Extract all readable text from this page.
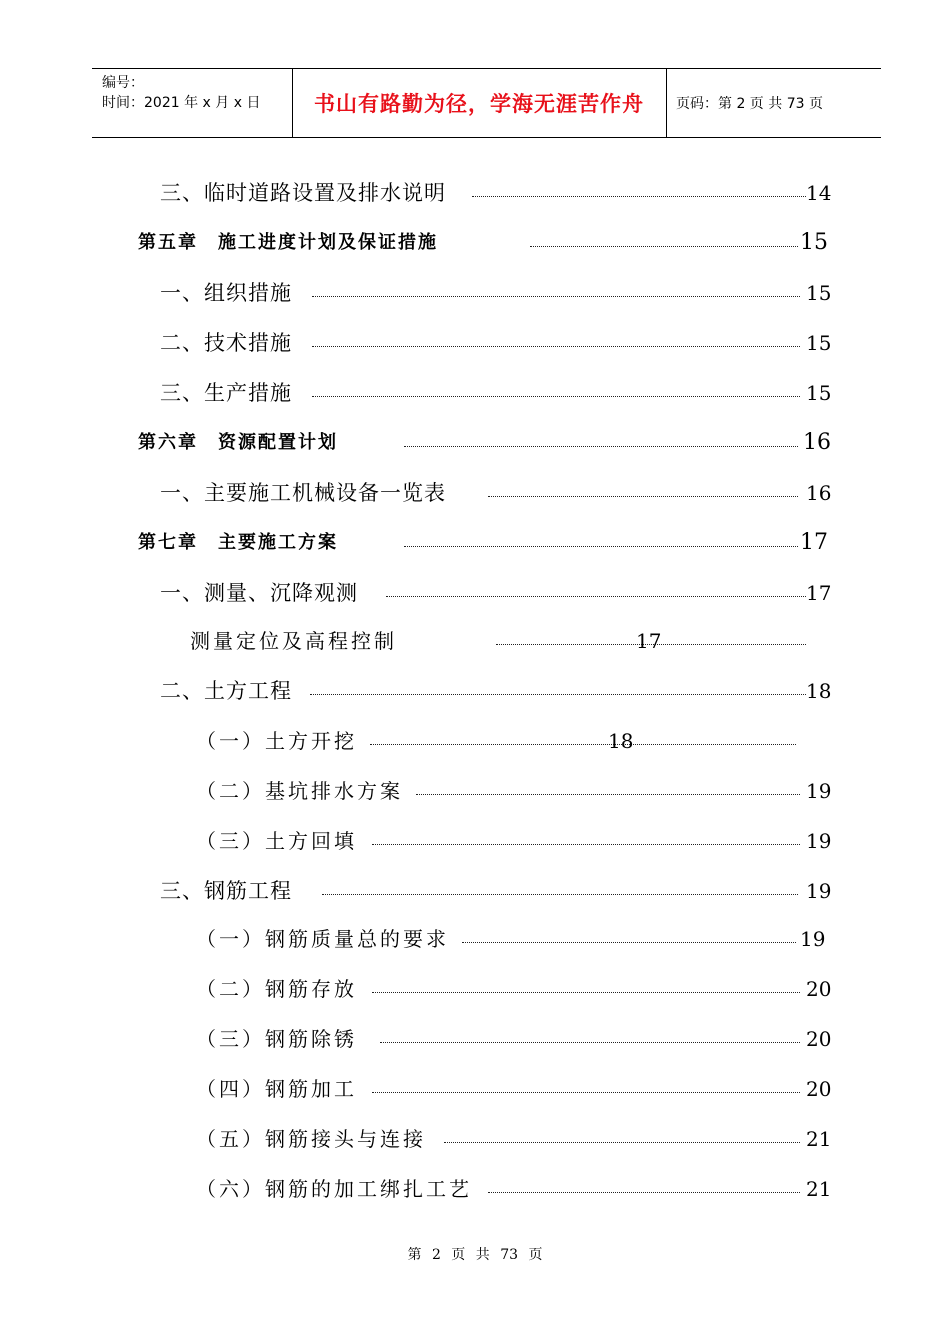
编号：
时间：2021 年 x 月 x 日	书山有路勤为径，学海无涯苦作舟	页码：第 2 页 共 73 页
三、临时道路设置及排水说明	14
第五章　施工进度计划及保证措施	15
一、组织措施	15
二、技术措施	15
三、生产措施	15
第六章　资源配置计划	16
一、主要施工机械设备一览表	16
第七章　主要施工方案	17
一、测量、沉降观测	17
测量定位及高程控制	17
二、土方工程	18
（一）土方开挖	18
（二）基坑排水方案	19
（三）土方回填	19
三、钢筋工程	19
（一）钢筋质量总的要求	19
（二）钢筋存放	20
（三）钢筋除锈	20
（四）钢筋加工	20
（五）钢筋接头与连接	21
（六）钢筋的加工绑扎工艺	21
第 2 页 共 73 页
